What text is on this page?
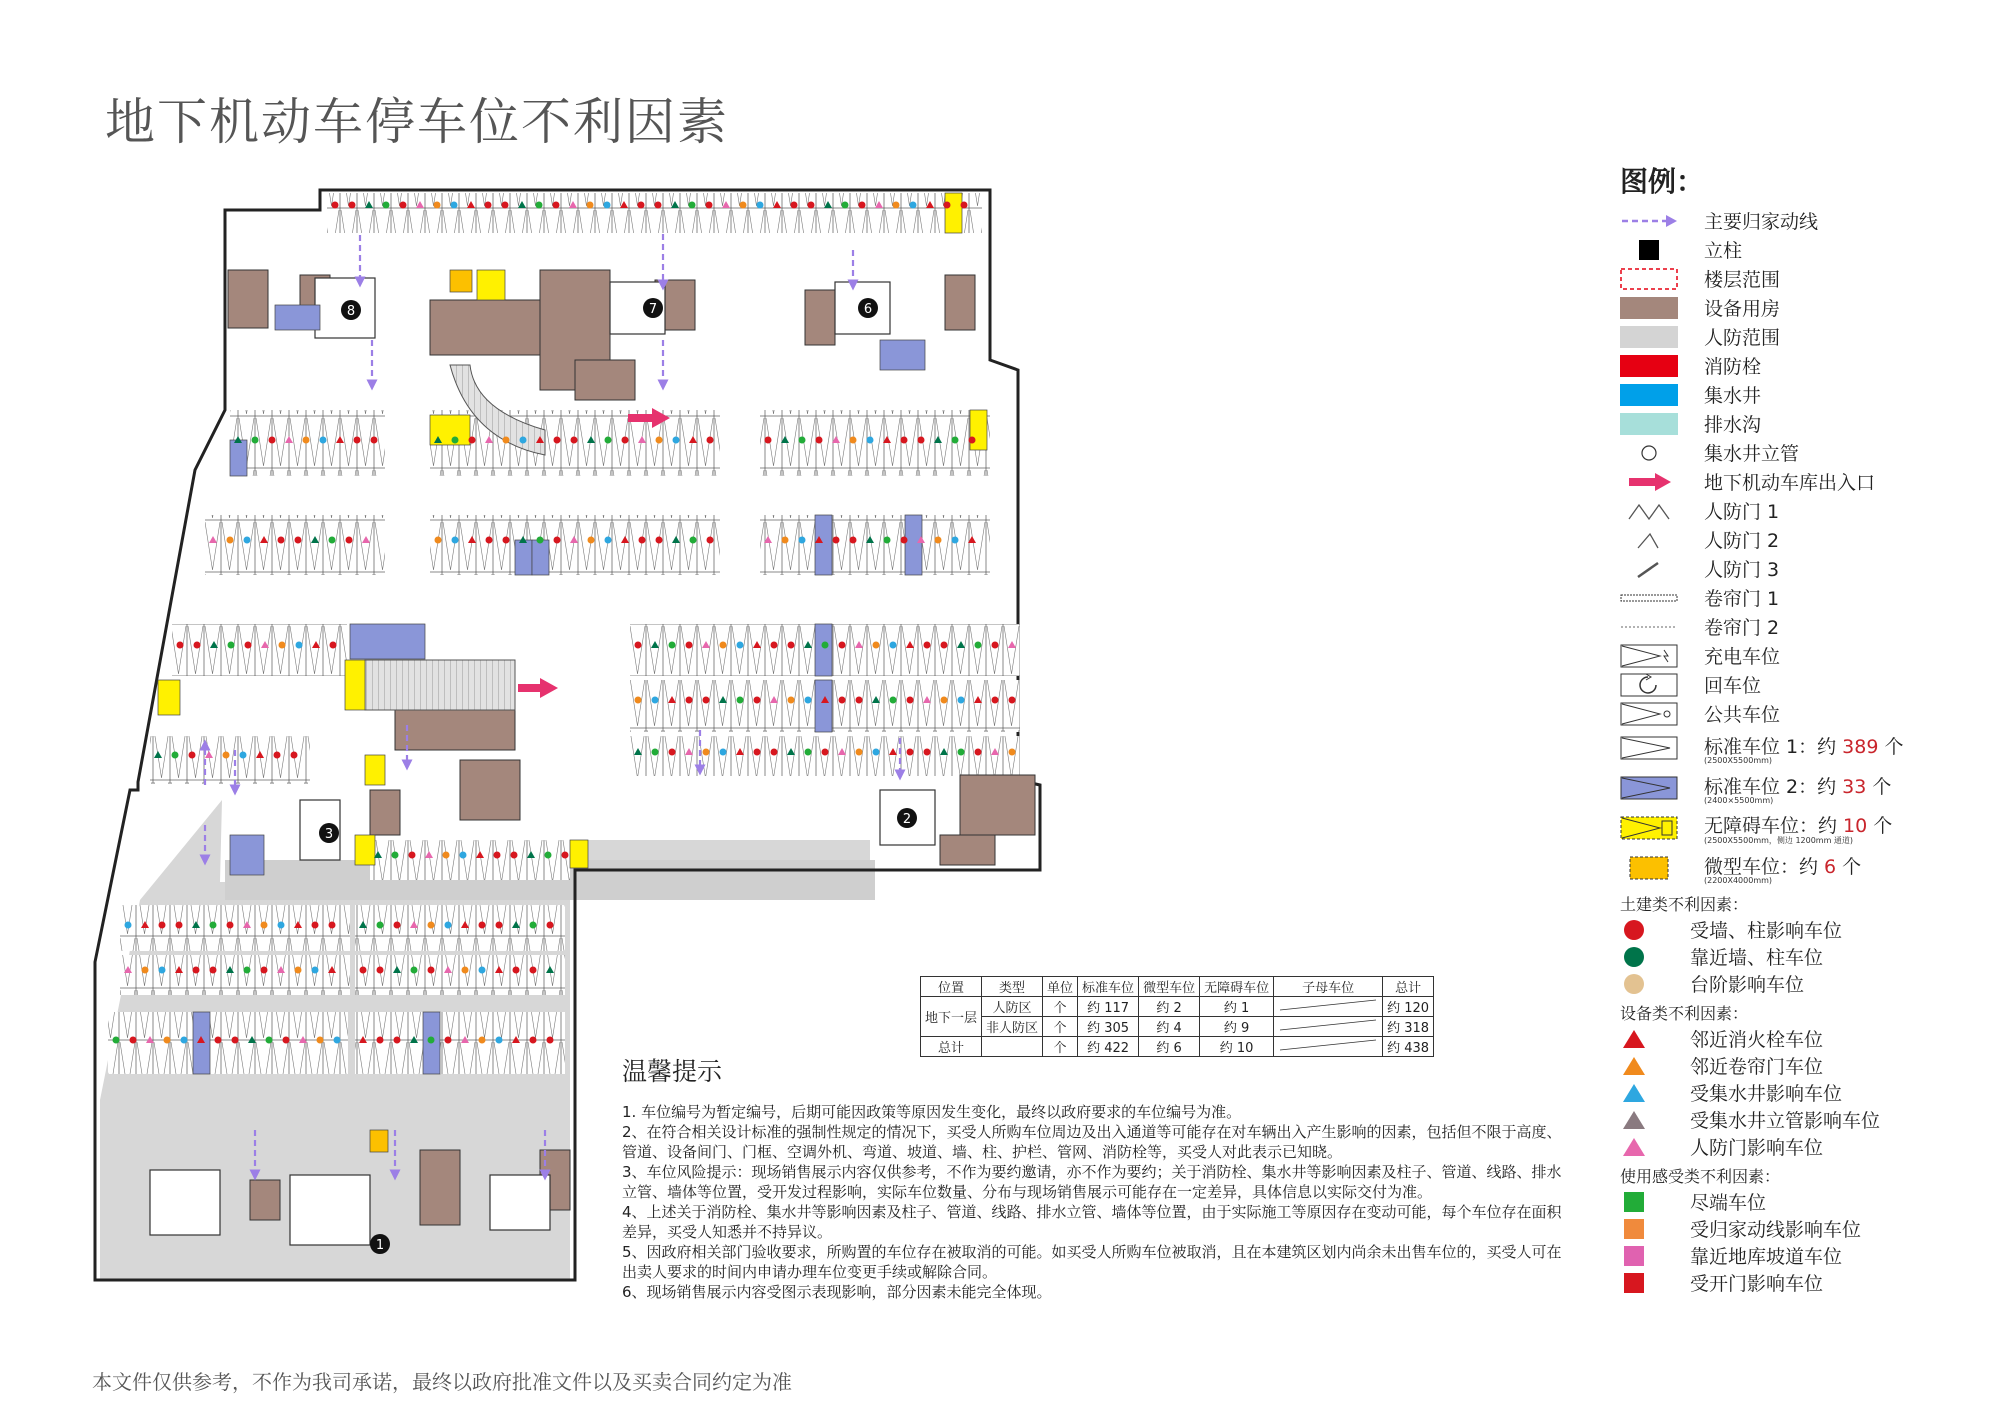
地下机动车停车位不利因素
1
2
3
6
7
8
图例：
主要归家动线
立柱
楼层范围
设备用房
人防范围
消防栓
集水井
排水沟
集水井立管
地下机动车库出入口
人防门 1
人防门 2
人防门 3
卷帘门 1
卷帘门 2
充电车位
回车位
公共车位
标准车位 1：约 389 个
(2500X5500mm)
标准车位 2：约 33 个
(2400×5500mm)
无障碍车位：约 10 个
(2500X5500mm，侧边 1200mm 通道)
微型车位：约 6 个
(2200X4000mm)
土建类不利因素：
受墙、柱影响车位
靠近墙、柱车位
台阶影响车位
设备类不利因素：
邻近消火栓车位
邻近卷帘门车位
受集水井影响车位
受集水井立管影响车位
人防门影响车位
使用感受类不利因素：
尽端车位
受归家动线影响车位
靠近地库坡道车位
受开门影响车位
位置	类型	单位	标准车位	微型车位	无障碍车位	子母车位	总计
地下一层	人防区	个	约 117	约 2	约 1		约 120
	非人防区	个	约 305	约 4	约 9		约 318
总计		个	约 422	约 6	约 10		约 438
温馨提示

1. 车位编号为暂定编号，后期可能因政策等原因发生变化，最终以政府要求的车位编号为准。

2、在符合相关设计标准的强制性规定的情况下，买受人所购车位周边及出入通道等可能存在对车辆出入产生影响的因素，包括但不限于高度、管道、设备间门、门框、空调外机、弯道、坡道、墙、柱、护栏、管网、消防栓等，买受人对此表示已知晓。

3、车位风险提示：现场销售展示内容仅供参考，不作为要约邀请，亦不作为要约；关于消防栓、集水井等影响因素及柱子、管道、线路、排水立管、墙体等位置，受开发过程影响，实际车位数量、分布与现场销售展示可能存在一定差异，具体信息以实际交付为准。

4、上述关于消防栓、集水井等影响因素及柱子、管道、线路、排水立管、墙体等位置，由于实际施工等原因存在变动可能，每个车位存在面积差异，买受人知悉并不持异议。

5、因政府相关部门验收要求，所购置的车位存在被取消的可能。如买受人所购车位被取消，且在本建筑区划内尚余未出售车位的，买受人可在出卖人要求的时间内申请办理车位变更手续或解除合同。

6、现场销售展示内容受图示表现影响，部分因素未能完全体现。

本文件仅供参考，不作为我司承诺，最终以政府批准文件以及买卖合同约定为准
